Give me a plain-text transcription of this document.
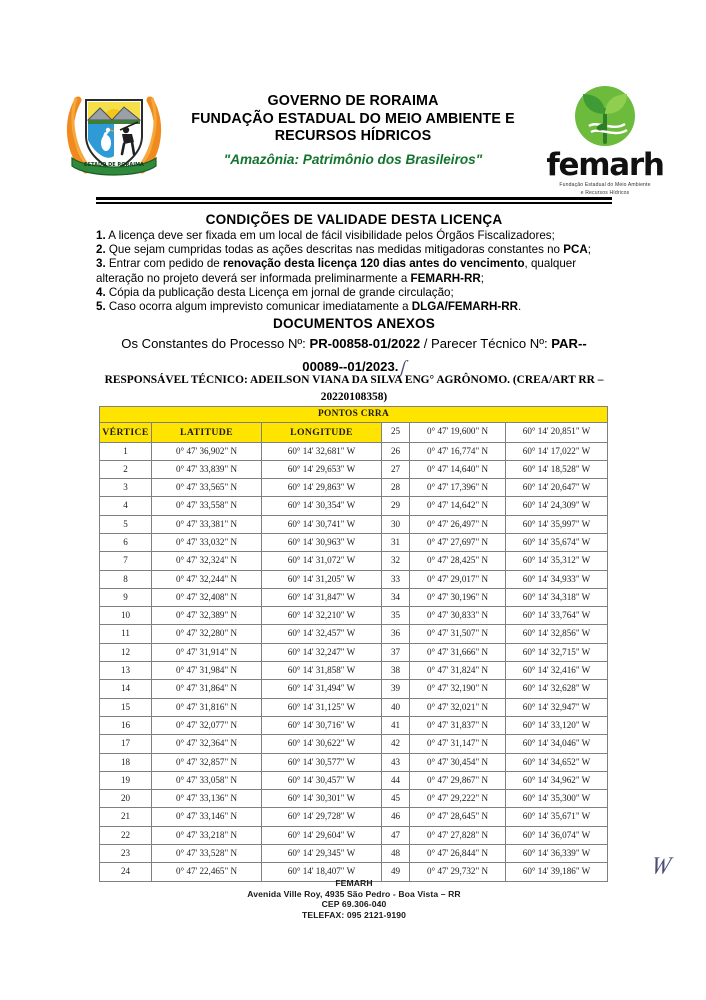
ESTADO DE RORAIMA
GOVERNO DE RORAIMA
FUNDAÇÃO ESTADUAL DO MEIO AMBIENTE E
RECURSOS HÍDRICOS
"Amazônia: Patrimônio dos Brasileiros"	femarh
Fundação Estadual do Meio Ambiente
e Recursos Hídricos
CONDIÇÕES DE VALIDADE DESTA LICENÇA
1. A licença deve ser fixada em um local de fácil visibilidade pelos Órgãos Fiscalizadores;
2. Que sejam cumpridas todas as ações descritas nas medidas mitigadoras constantes no PCA;
3. Entrar com pedido de renovação desta licença 120 dias antes do vencimento, qualquer alteração no projeto deverá ser informada preliminarmente a FEMARH-RR;
4. Cópia da publicação desta Licença em jornal de grande circulação;
5. Caso ocorra algum imprevisto comunicar imediatamente a DLGA/FEMARH-RR.
DOCUMENTOS ANEXOS
Os Constantes do Processo Nº: PR-00858-01/2022 / Parecer Técnico Nº: PAR--
00089--01/2023. ʃ
RESPONSÁVEL TÉCNICO: ADEILSON VIANA DA SILVA ENG° AGRÔNOMO. (CREA/ART RR –
20220108358)
PONTOS CRRA					
VÉRTICE	LATITUDE	LONGITUDE	25	0° 47' 19,600" N	60° 14' 20,851" W
1	0° 47' 36,902" N	60° 14' 32,681" W	26	0° 47' 16,774" N	60° 14' 17,022" W
2	0° 47' 33,839" N	60° 14' 29,653" W	27	0° 47' 14,640" N	60° 14' 18,528" W
3	0° 47' 33,565" N	60° 14' 29,863" W	28	0° 47' 17,396" N	60° 14' 20,647" W
4	0° 47' 33,558" N	60° 14' 30,354" W	29	0° 47' 14,642" N	60° 14' 24,309" W
5	0° 47' 33,381" N	60° 14' 30,741" W	30	0° 47' 26,497" N	60° 14' 35,997" W
6	0° 47' 33,032" N	60° 14' 30,963" W	31	0° 47' 27,697" N	60° 14' 35,674" W
7	0° 47' 32,324" N	60° 14' 31,072" W	32	0° 47' 28,425" N	60° 14' 35,312" W
8	0° 47' 32,244" N	60° 14' 31,205" W	33	0° 47' 29,017" N	60° 14' 34,933" W
9	0° 47' 32,408" N	60° 14' 31,847" W	34	0° 47' 30,196" N	60° 14' 34,318" W
10	0° 47' 32,389" N	60° 14' 32,210" W	35	0° 47' 30,833" N	60° 14' 33,764" W
11	0° 47' 32,280" N	60° 14' 32,457" W	36	0° 47' 31,507" N	60° 14' 32,856" W
12	0° 47' 31,914" N	60° 14' 32,247" W	37	0° 47' 31,666" N	60° 14' 32,715" W
13	0° 47' 31,984" N	60° 14' 31,858" W	38	0° 47' 31,824" N	60° 14' 32,416" W
14	0° 47' 31,864" N	60° 14' 31,494" W	39	0° 47' 32,190" N	60° 14' 32,628" W
15	0° 47' 31,816" N	60° 14' 31,125" W	40	0° 47' 32,021" N	60° 14' 32,947" W
16	0° 47' 32,077" N	60° 14' 30,716" W	41	0° 47' 31,837" N	60° 14' 33,120" W
17	0° 47' 32,364" N	60° 14' 30,622" W	42	0° 47' 31,147" N	60° 14' 34,046" W
18	0° 47' 32,857" N	60° 14' 30,577" W	43	0° 47' 30,454" N	60° 14' 34,652" W
19	0° 47' 33,058" N	60° 14' 30,457" W	44	0° 47' 29,867" N	60° 14' 34,962" W
20	0° 47' 33,136" N	60° 14' 30,301" W	45	0° 47' 29,222" N	60° 14' 35,300" W
21	0° 47' 33,146" N	60° 14' 29,728" W	46	0° 47' 28,645" N	60° 14' 35,671" W
22	0° 47' 33,218" N	60° 14' 29,604" W	47	0° 47' 27,828" N	60° 14' 36,074" W
23	0° 47' 33,528" N	60° 14' 29,345" W	48	0° 47' 26,844" N	60° 14' 36,339" W
24	0° 47' 22,465" N	60° 14' 18,407" W	49	0° 47' 29,732" N	60° 14' 39,186" W	W
FEMARH
Avenida Ville Roy, 4935 São Pedro - Boa Vista – RR
CEP 69.306-040
TELEFAX: 095 2121-9190
